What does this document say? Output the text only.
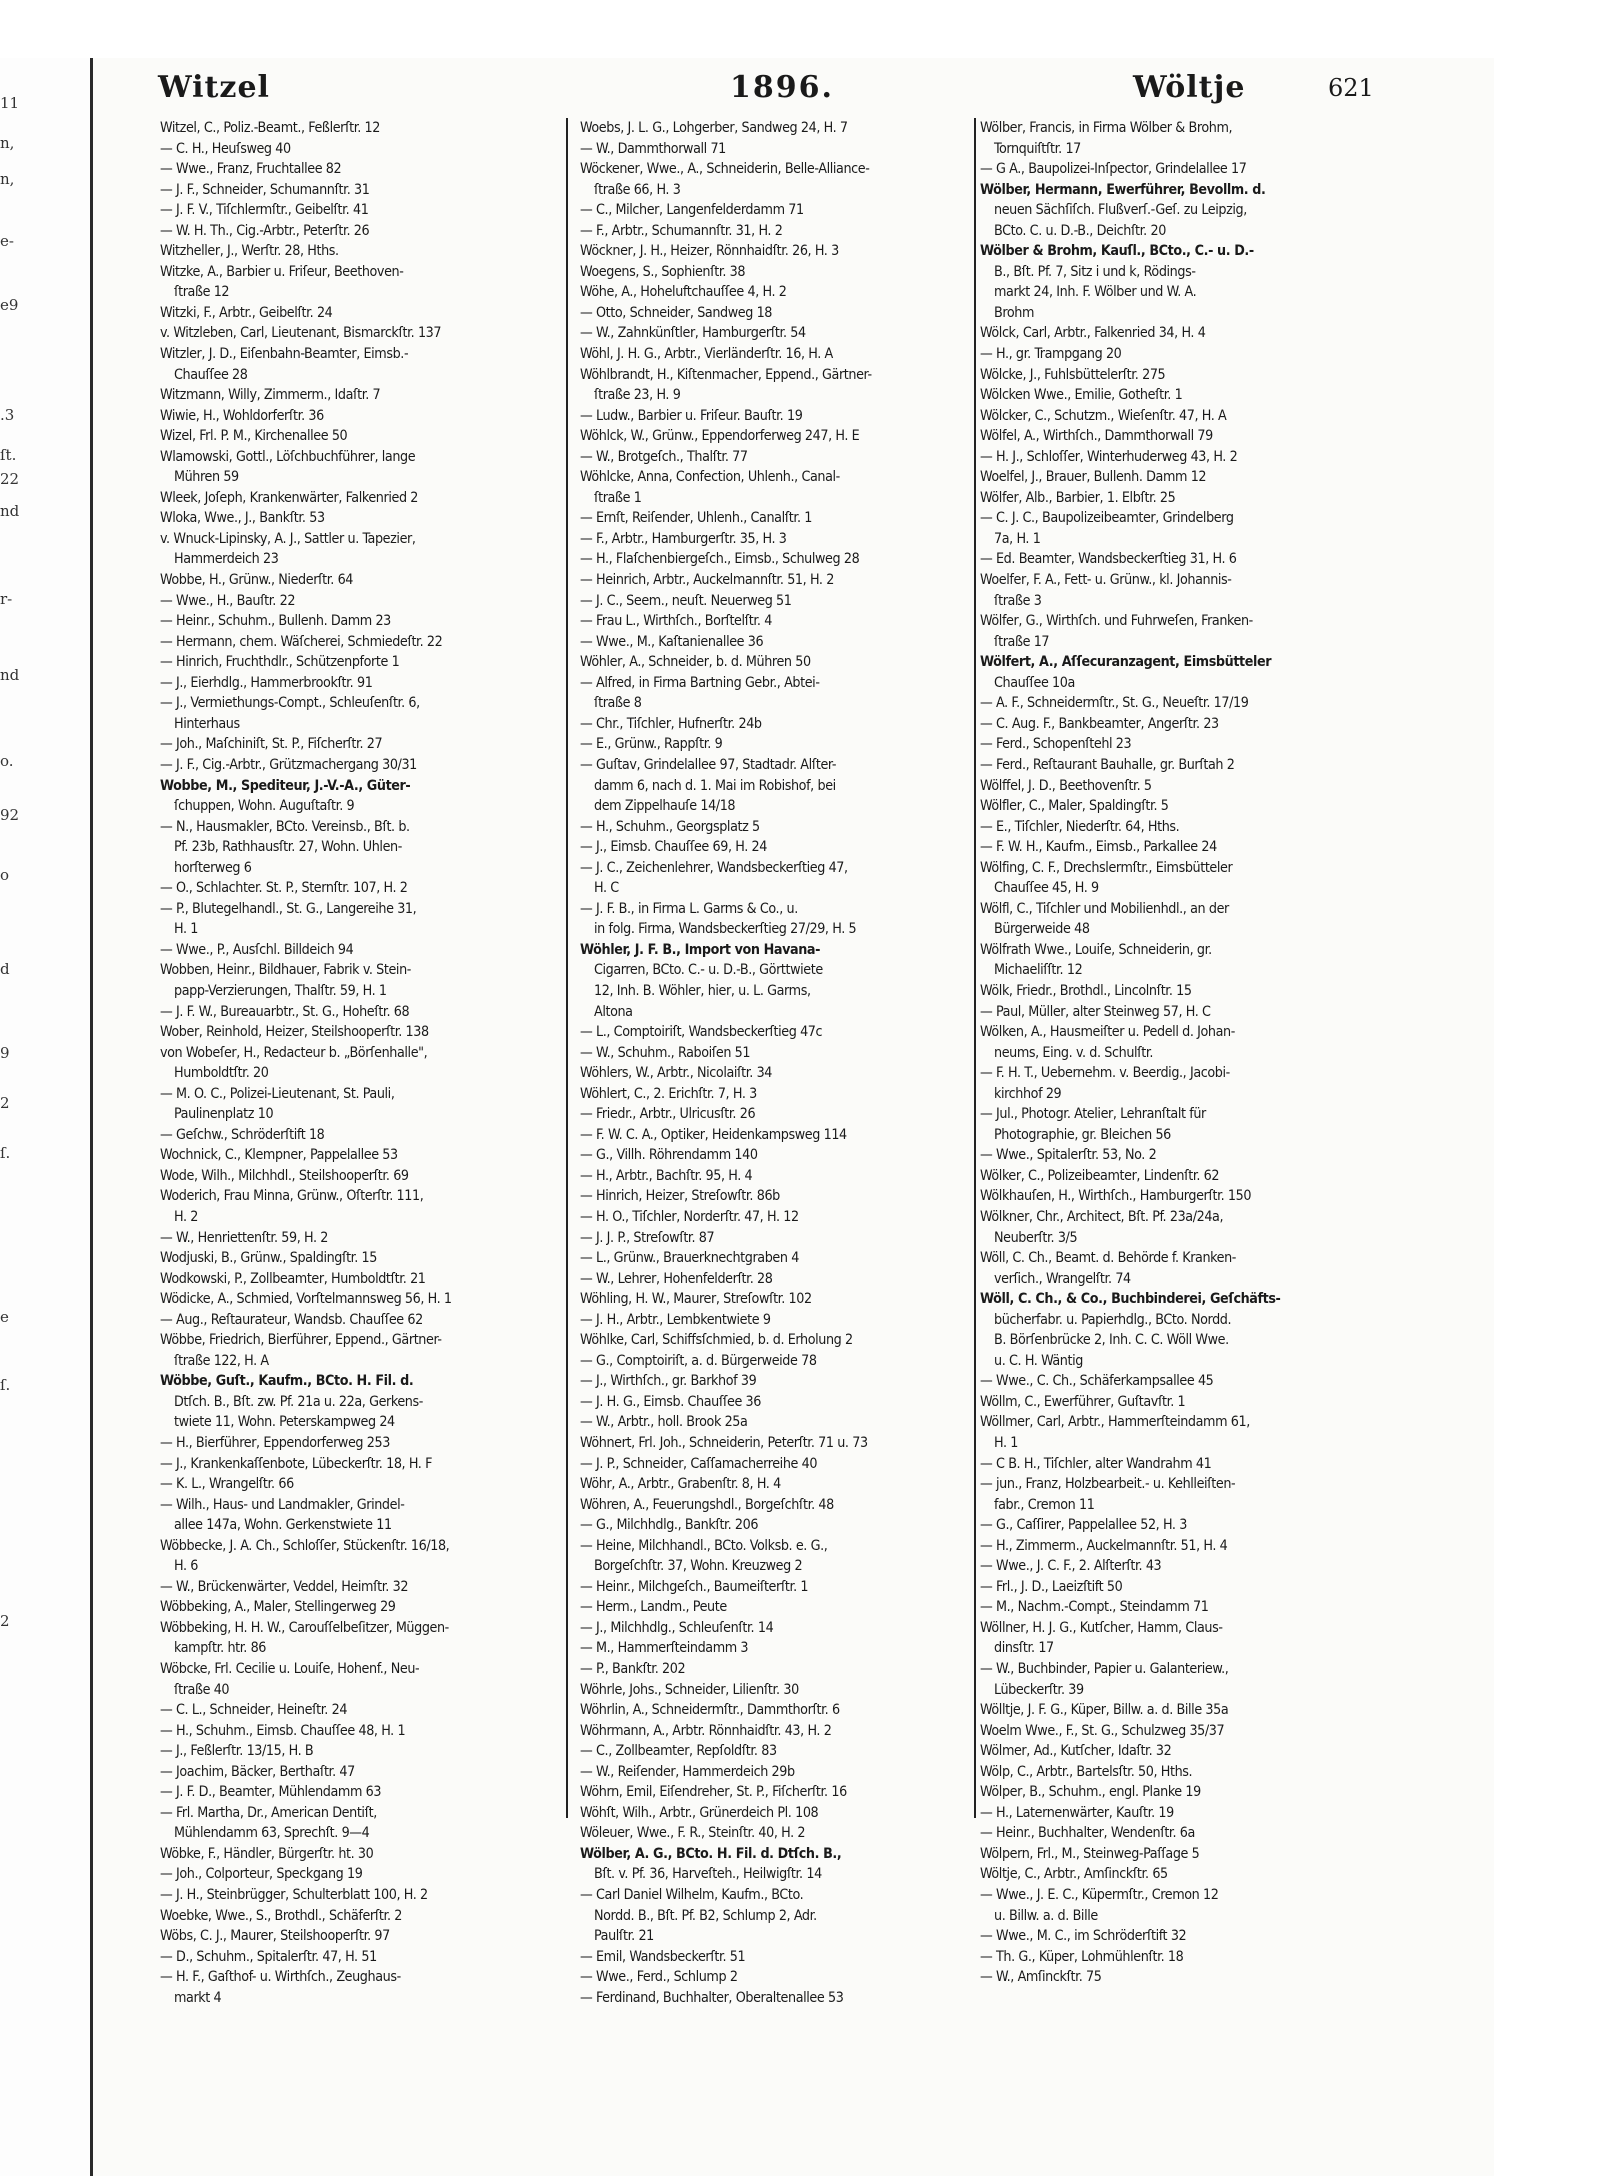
11
n,
n,
e-
e9
.3
ſt.
22
nd
r-
nd
o.
92
o
d
9
2
ſ.
e
ſ.
2
Witzel	1896.	Wöltje	621
Witzel, C., Poliz.-Beamt., Feßlerſtr. 12
— C. H., Heuſsweg 40
— Wwe., Franz, Fruchtallee 82
— J. F., Schneider, Schumannſtr. 31
— J. F. V., Tiſchlermſtr., Geibelſtr. 41
— W. H. Th., Cig.-Arbtr., Peterſtr. 26
Witzheller, J., Werſtr. 28, Hths.
Witzke, A., Barbier u. Friſeur, Beethoven-
ſtraße 12
Witzki, F., Arbtr., Geibelſtr. 24
v. Witzleben, Carl, Lieutenant, Bismarckſtr. 137
Witzler, J. D., Eiſenbahn-Beamter, Eimsb.-
Chauſſee 28
Witzmann, Willy, Zimmerm., Idaſtr. 7
Wiwie, H., Wohldorferſtr. 36
Wizel, Frl. P. M., Kirchenallee 50
Wlamowski, Gottl., Löſchbuchführer, lange
Mühren 59
Wleek, Joſeph, Krankenwärter, Falkenried 2
Wloka, Wwe., J., Bankſtr. 53
v. Wnuck-Lipinsky, A. J., Sattler u. Tapezier,
Hammerdeich 23
Wobbe, H., Grünw., Niederſtr. 64
— Wwe., H., Bauſtr. 22
— Heinr., Schuhm., Bullenh. Damm 23
— Hermann, chem. Wäſcherei, Schmiedeſtr. 22
— Hinrich, Fruchthdlr., Schützenpforte 1
— J., Eierhdlg., Hammerbrookſtr. 91
— J., Vermiethungs-Compt., Schleuſenſtr. 6,
Hinterhaus
— Joh., Maſchiniſt, St. P., Fiſcherſtr. 27
— J. F., Cig.-Arbtr., Grützmachergang 30/31
Wobbe, M., Spediteur, J.-V.-A., Güter-
ſchuppen, Wohn. Auguſtaſtr. 9
— N., Hausmakler, BCto. Vereinsb., Bſt. b.
Pf. 23b, Rathhausſtr. 27, Wohn. Uhlen-
horſterweg 6
— O., Schlachter. St. P., Sternſtr. 107, H. 2
— P., Blutegelhandl., St. G., Langereihe 31,
H. 1
— Wwe., P., Ausſchl. Billdeich 94
Wobben, Heinr., Bildhauer, Fabrik v. Stein-
papp-Verzierungen, Thalſtr. 59, H. 1
— J. F. W., Bureauarbtr., St. G., Hoheſtr. 68
Wober, Reinhold, Heizer, Steilshooperſtr. 138
von Wobeſer, H., Redacteur b. „Börſenhalle",
Humboldtſtr. 20
— M. O. C., Polizei-Lieutenant, St. Pauli,
Paulinenplatz 10
— Geſchw., Schröderſtift 18
Wochnick, C., Klempner, Pappelallee 53
Wode, Wilh., Milchhdl., Steilshooperſtr. 69
Woderich, Frau Minna, Grünw., Oſterſtr. 111,
H. 2
— W., Henriettenſtr. 59, H. 2
Wodjuski, B., Grünw., Spaldingſtr. 15
Wodkowski, P., Zollbeamter, Humboldtſtr. 21
Wödicke, A., Schmied, Vorſtelmannsweg 56, H. 1
— Aug., Reſtaurateur, Wandsb. Chauſſee 62
Wöbbe, Friedrich, Bierführer, Eppend., Gärtner-
ſtraße 122, H. A
Wöbbe, Guſt., Kaufm., BCto. H. Fil. d.
Dtſch. B., Bſt. zw. Pf. 21a u. 22a, Gerkens-
twiete 11, Wohn. Peterskampweg 24
— H., Bierführer, Eppendorferweg 253
— J., Krankenkaſſenbote, Lübeckerſtr. 18, H. F
— K. L., Wrangelſtr. 66
— Wilh., Haus- und Landmakler, Grindel-
allee 147a, Wohn. Gerkenstwiete 11
Wöbbecke, J. A. Ch., Schloſſer, Stückenſtr. 16/18,
H. 6
— W., Brückenwärter, Veddel, Heimſtr. 32
Wöbbeking, A., Maler, Stellingerweg 29
Wöbbeking, H. H. W., Carouſſelbeſitzer, Müggen-
kampſtr. htr. 86
Wöbcke, Frl. Cecilie u. Louiſe, Hohenf., Neu-
ſtraße 40
— C. L., Schneider, Heineſtr. 24
— H., Schuhm., Eimsb. Chauſſee 48, H. 1
— J., Feßlerſtr. 13/15, H. B
— Joachim, Bäcker, Berthaſtr. 47
— J. F. D., Beamter, Mühlendamm 63
— Frl. Martha, Dr., American Dentiſt,
Mühlendamm 63, Sprechſt. 9—4
Wöbke, F., Händler, Bürgerſtr. ht. 30
— Joh., Colporteur, Speckgang 19
— J. H., Steinbrügger, Schulterblatt 100, H. 2
Woebke, Wwe., S., Brothdl., Schäferſtr. 2
Wöbs, C. J., Maurer, Steilshooperſtr. 97
— D., Schuhm., Spitalerſtr. 47, H. 51
— H. F., Gaſthof- u. Wirthſch., Zeughaus-
markt 4
Woebs, J. L. G., Lohgerber, Sandweg 24, H. 7
— W., Dammthorwall 71
Wöckener, Wwe., A., Schneiderin, Belle-Alliance-
ſtraße 66, H. 3
— C., Milcher, Langenfelderdamm 71
— F., Arbtr., Schumannſtr. 31, H. 2
Wöckner, J. H., Heizer, Rönnhaidſtr. 26, H. 3
Woegens, S., Sophienſtr. 38
Wöhe, A., Hoheluftchauſſee 4, H. 2
— Otto, Schneider, Sandweg 18
— W., Zahnkünſtler, Hamburgerſtr. 54
Wöhl, J. H. G., Arbtr., Vierländerſtr. 16, H. A
Wöhlbrandt, H., Kiſtenmacher, Eppend., Gärtner-
ſtraße 23, H. 9
— Ludw., Barbier u. Friſeur. Bauſtr. 19
Wöhlck, W., Grünw., Eppendorferweg 247, H. E
— W., Brotgeſch., Thalſtr. 77
Wöhlcke, Anna, Confection, Uhlenh., Canal-
ſtraße 1
— Ernſt, Reiſender, Uhlenh., Canalſtr. 1
— F., Arbtr., Hamburgerſtr. 35, H. 3
— H., Flaſchenbiergeſch., Eimsb., Schulweg 28
— Heinrich, Arbtr., Auckelmannſtr. 51, H. 2
— J. C., Seem., neuſt. Neuerweg 51
— Frau L., Wirthſch., Borſtelſtr. 4
— Wwe., M., Kaſtanienallee 36
Wöhler, A., Schneider, b. d. Mühren 50
— Alfred, in Firma Bartning Gebr., Abtei-
ſtraße 8
— Chr., Tiſchler, Hufnerſtr. 24b
— E., Grünw., Rappſtr. 9
— Guſtav, Grindelallee 97, Stadtadr. Alſter-
damm 6, nach d. 1. Mai im Robishof, bei
dem Zippelhauſe 14/18
— H., Schuhm., Georgsplatz 5
— J., Eimsb. Chauſſee 69, H. 24
— J. C., Zeichenlehrer, Wandsbeckerſtieg 47,
H. C
— J. F. B., in Firma L. Garms & Co., u.
in folg. Firma, Wandsbeckerſtieg 27/29, H. 5
Wöhler, J. F. B., Import von Havana-
Cigarren, BCto. C.- u. D.-B., Görttwiete
12, Inh. B. Wöhler, hier, u. L. Garms,
Altona
— L., Comptoiriſt, Wandsbeckerſtieg 47c
— W., Schuhm., Raboiſen 51
Wöhlers, W., Arbtr., Nicolaiſtr. 34
Wöhlert, C., 2. Erichſtr. 7, H. 3
— Friedr., Arbtr., Ulricusſtr. 26
— F. W. C. A., Optiker, Heidenkampsweg 114
— G., Villh. Röhrendamm 140
— H., Arbtr., Bachſtr. 95, H. 4
— Hinrich, Heizer, Streſowſtr. 86b
— H. O., Tiſchler, Norderſtr. 47, H. 12
— J. J. P., Streſowſtr. 87
— L., Grünw., Brauerknechtgraben 4
— W., Lehrer, Hohenfelderſtr. 28
Wöhling, H. W., Maurer, Streſowſtr. 102
— J. H., Arbtr., Lembkentwiete 9
Wöhlke, Carl, Schiffsſchmied, b. d. Erholung 2
— G., Comptoiriſt, a. d. Bürgerweide 78
— J., Wirthſch., gr. Barkhof 39
— J. H. G., Eimsb. Chauſſee 36
— W., Arbtr., holl. Brook 25a
Wöhnert, Frl. Joh., Schneiderin, Peterſtr. 71 u. 73
— J. P., Schneider, Caſſamacherreihe 40
Wöhr, A., Arbtr., Grabenſtr. 8, H. 4
Wöhren, A., Feuerungshdl., Borgeſchſtr. 48
— G., Milchhdlg., Bankſtr. 206
— Heine, Milchhandl., BCto. Volksb. e. G.,
Borgeſchſtr. 37, Wohn. Kreuzweg 2
— Heinr., Milchgeſch., Baumeiſterſtr. 1
— Herm., Landm., Peute
— J., Milchhdlg., Schleuſenſtr. 14
— M., Hammerſteindamm 3
— P., Bankſtr. 202
Wöhrle, Johs., Schneider, Lilienſtr. 30
Wöhrlin, A., Schneidermſtr., Dammthorſtr. 6
Wöhrmann, A., Arbtr. Rönnhaidſtr. 43, H. 2
— C., Zollbeamter, Repſoldſtr. 83
— W., Reiſender, Hammerdeich 29b
Wöhrn, Emil, Eiſendreher, St. P., Fiſcherſtr. 16
Wöhſt, Wilh., Arbtr., Grünerdeich Pl. 108
Wöleuer, Wwe., F. R., Steinſtr. 40, H. 2
Wölber, A. G., BCto. H. Fil. d. Dtſch. B.,
Bſt. v. Pf. 36, Harveſteh., Heilwigſtr. 14
— Carl Daniel Wilhelm, Kaufm., BCto.
Nordd. B., Bſt. Pf. B2, Schlump 2, Adr.
Paulſtr. 21
— Emil, Wandsbeckerſtr. 51
— Wwe., Ferd., Schlump 2
— Ferdinand, Buchhalter, Oberaltenallee 53
Wölber, Francis, in Firma Wölber & Brohm,
Tornquiſtſtr. 17
— G A., Baupolizei-Inſpector, Grindelallee 17
Wölber, Hermann, Ewerführer, Bevollm. d.
neuen Sächſiſch. Flußverſ.-Geſ. zu Leipzig,
BCto. C. u. D.-B., Deichſtr. 20
Wölber & Brohm, Kauſl., BCto., C.- u. D.-
B., Bſt. Pf. 7, Sitz i und k, Rödings-
markt 24, Inh. F. Wölber und W. A.
Brohm
Wölck, Carl, Arbtr., Falkenried 34, H. 4
— H., gr. Trampgang 20
Wölcke, J., Fuhlsbüttelerſtr. 275
Wölcken Wwe., Emilie, Gotheſtr. 1
Wölcker, C., Schutzm., Wieſenſtr. 47, H. A
Wölfel, A., Wirthſch., Dammthorwall 79
— H. J., Schloſſer, Winterhuderweg 43, H. 2
Woelfel, J., Brauer, Bullenh. Damm 12
Wölfer, Alb., Barbier, 1. Elbſtr. 25
— C. J. C., Baupolizeibeamter, Grindelberg
7a, H. 1
— Ed. Beamter, Wandsbeckerſtieg 31, H. 6
Woelfer, F. A., Fett- u. Grünw., kl. Johannis-
ſtraße 3
Wölfer, G., Wirthſch. und Fuhrweſen, Franken-
ſtraße 17
Wölfert, A., Aſſecuranzagent, Eimsbütteler
Chauſſee 10a
— A. F., Schneidermſtr., St. G., Neueſtr. 17/19
— C. Aug. F., Bankbeamter, Angerſtr. 23
— Ferd., Schopenſtehl 23
— Ferd., Reſtaurant Bauhalle, gr. Burſtah 2
Wölffel, J. D., Beethovenſtr. 5
Wölfler, C., Maler, Spaldingſtr. 5
— E., Tiſchler, Niederſtr. 64, Hths.
— F. W. H., Kaufm., Eimsb., Parkallee 24
Wölfing, C. F., Drechslermſtr., Eimsbütteler
Chauſſee 45, H. 9
Wölfl, C., Tiſchler und Mobilienhdl., an der
Bürgerweide 48
Wölfrath Wwe., Louiſe, Schneiderin, gr.
Michaeliſſtr. 12
Wölk, Friedr., Brothdl., Lincolnſtr. 15
— Paul, Müller, alter Steinweg 57, H. C
Wölken, A., Hausmeiſter u. Pedell d. Johan-
neums, Eing. v. d. Schulſtr.
— F. H. T., Uebernehm. v. Beerdig., Jacobi-
kirchhof 29
— Jul., Photogr. Atelier, Lehranſtalt für
Photographie, gr. Bleichen 56
— Wwe., Spitalerſtr. 53, No. 2
Wölker, C., Polizeibeamter, Lindenſtr. 62
Wölkhauſen, H., Wirthſch., Hamburgerſtr. 150
Wölkner, Chr., Architect, Bſt. Pf. 23a/24a,
Neuberſtr. 3/5
Wöll, C. Ch., Beamt. d. Behörde f. Kranken-
verſich., Wrangelſtr. 74
Wöll, C. Ch., & Co., Buchbinderei, Geſchäfts-
bücherfabr. u. Papierhdlg., BCto. Nordd.
B. Börſenbrücke 2, Inh. C. C. Wöll Wwe.
u. C. H. Wäntig
— Wwe., C. Ch., Schäferkampsallee 45
Wöllm, C., Ewerführer, Guſtavſtr. 1
Wöllmer, Carl, Arbtr., Hammerſteindamm 61,
H. 1
— C B. H., Tiſchler, alter Wandrahm 41
— jun., Franz, Holzbearbeit.- u. Kehlleiſten-
fabr., Cremon 11
— G., Caſſirer, Pappelallee 52, H. 3
— H., Zimmerm., Auckelmannſtr. 51, H. 4
— Wwe., J. C. F., 2. Alſterſtr. 43
— Frl., J. D., Laeizſtift 50
— M., Nachm.-Compt., Steindamm 71
Wöllner, H. J. G., Kutſcher, Hamm, Claus-
dinsſtr. 17
— W., Buchbinder, Papier u. Galanteriew.,
Lübeckerſtr. 39
Wölltje, J. F. G., Küper, Billw. a. d. Bille 35a
Woelm Wwe., F., St. G., Schulzweg 35/37
Wölmer, Ad., Kutſcher, Idaſtr. 32
Wölp, C., Arbtr., Bartelsſtr. 50, Hths.
Wölper, B., Schuhm., engl. Planke 19
— H., Laternenwärter, Kauſtr. 19
— Heinr., Buchhalter, Wendenſtr. 6a
Wölpern, Frl., M., Steinweg-Paſſage 5
Wöltje, C., Arbtr., Amſinckſtr. 65
— Wwe., J. E. C., Küpermſtr., Cremon 12
u. Billw. a. d. Bille
— Wwe., M. C., im Schröderſtift 32
— Th. G., Küper, Lohmühlenſtr. 18
— W., Amſinckſtr. 75
